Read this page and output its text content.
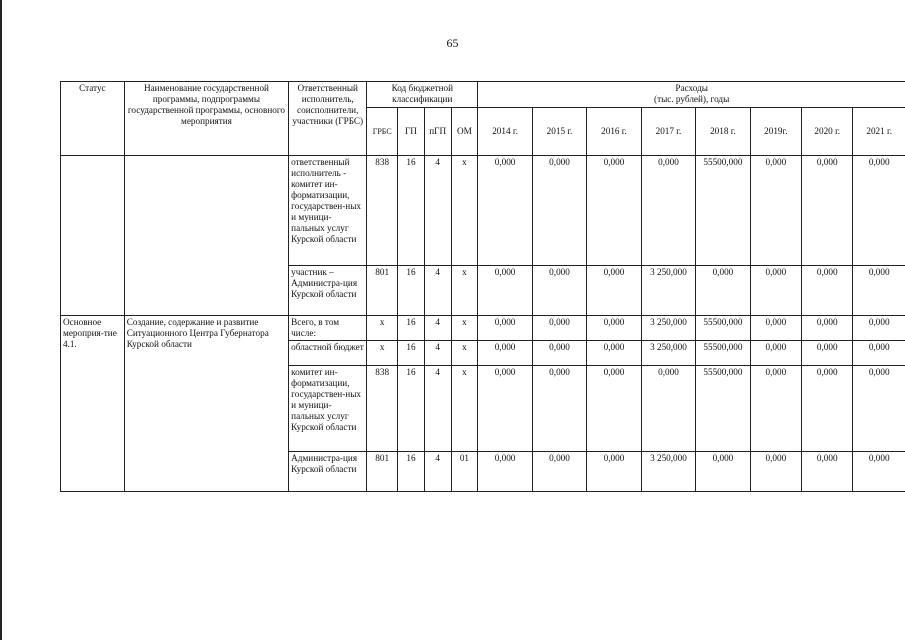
65
Статус	Наименование государственной программы, подпрограммы государственной программы, основного мероприятия	Ответственный исполнитель, соисполнители, участники (ГРБС)	Код бюджетной классификации				Расходы
(тыс. рублей), годы							

			ГРБС	ГП	пГП	ОМ	2014 г.	2015 г.	2016 г.	2017 г.	2018 г.	2019г.	2020 г.	2021 г.
		ответственный исполнитель - комитет ин-форматизации, государствен-ных и муници-пальных услуг Курской области	838	16	4	x	0,000	0,000	0,000	0,000	55500,000	0,000	0,000	0,000
		участник – Администра-ция Курской области	801	16	4	x	0,000	0,000	0,000	3 250,000	0,000	0,000	0,000	0,000
Основное мероприя-тие 4.1.	Создание, содержание и развитие Ситуационного Центра Губернатора Курской области	Всего, в том числе:	x	16	4	x	0,000	0,000	0,000	3 250,000	55500,000	0,000	0,000	0,000
		областной бюджет	x	16	4	x	0,000	0,000	0,000	3 250,000	55500,000	0,000	0,000	0,000
		комитет ин-форматизации, государствен-ных и муници-пальных услуг Курской области	838	16	4	x	0,000	0,000	0,000	0,000	55500,000	0,000	0,000	0,000
		Администра-ция Курской области	801	16	4	01	0,000	0,000	0,000	3 250,000	0,000	0,000	0,000	0,000
